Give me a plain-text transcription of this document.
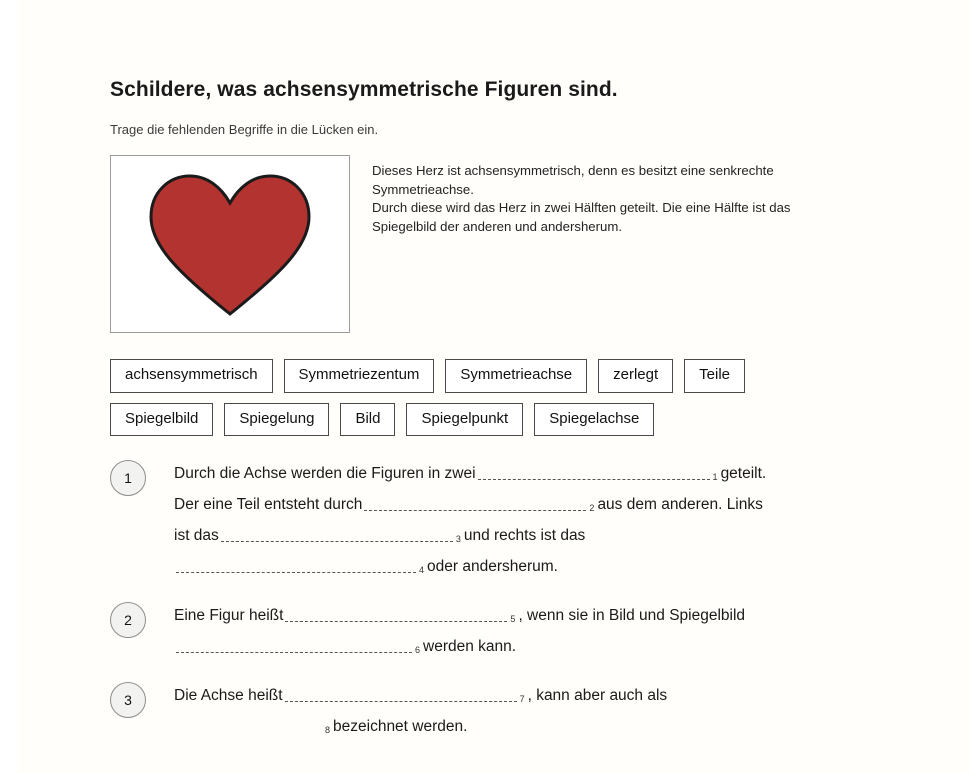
Schildere, was achsensymmetrische Figuren sind.
Trage die fehlenden Begriffe in die Lücken ein.
Dieses Herz ist achsensymmetrisch, denn es besitzt eine senkrechte
Symmetrieachse.
Durch diese wird das Herz in zwei Hälften geteilt. Die eine Hälfte ist das
Spiegelbild der anderen und andersherum.
achsensymmetrisch	Symmetriezentum	Symmetrieachse	zerlegt	Teile
Spiegelbild	Spiegelung	Bild	Spiegelpunkt	Spiegelachse
1	Durch die Achse werden die Figuren in zwei	1 geteilt.
Der eine Teil entsteht durch	2 aus dem anderen. Links
ist das	3 und rechts ist das
4 oder andersherum.
2	Eine Figur heißt	5 , wenn sie in Bild und Spiegelbild
6 werden kann.
3	Die Achse heißt	7 , kann aber auch als
8 bezeichnet werden.
